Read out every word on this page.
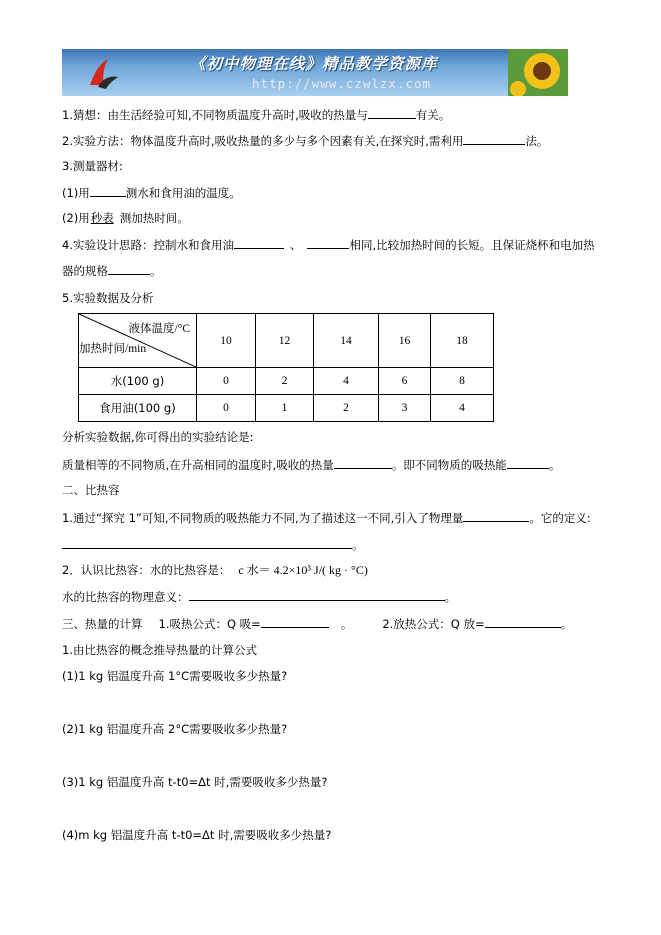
《初中物理在线》精品教学资源库
http://www.czwlzx.com
1.猜想：由生活经验可知,不同物质温度升高时,吸收的热量与	有关。
2.实验方法：物体温度升高时,吸收热量的多少与多个因素有关,在探究时,需利用	法。
3.测量器材:
(1)用	测水和食用油的温度。
(2)用秒表 测加热时间。
4.实验设计思路：控制水和食用油	、	相同,比较加热时间的长短。且保证烧杯和电加热
器的规格	。
5.实验数据及分析
液体温度/°C
加热时间/min	10	12	14	16	18
水(100 g)	0	2	4	6	8
食用油(100 g)	0	1	2	3	4
分析实验数据,你可得出的实验结论是:
质量相等的不同物质,在升高相同的温度时,吸收的热量	。即不同物质的吸热能	。
二、比热容
1.通过“探究 1”可知,不同物质的吸热能力不同,为了描述这一不同,引入了物理量	。它的定义:
。
2．认识比热容：水的比热容是： c 水＝ 4.2×10³ J/( kg · °C)
水的比热容的物理意义：	。
三、热量的计算 1.吸热公式：Q 吸=	。	2.放热公式：Q 放=	。
1.由比热容的概念推导热量的计算公式
(1)1 kg 铝温度升高 1°C需要吸收多少热量?
(2)1 kg 铝温度升高 2°C需要吸收多少热量?
(3)1 kg 铝温度升高 t-t0=Δt 时,需要吸收多少热量?
(4)m kg 铝温度升高 t-t0=Δt 时,需要吸收多少热量?
